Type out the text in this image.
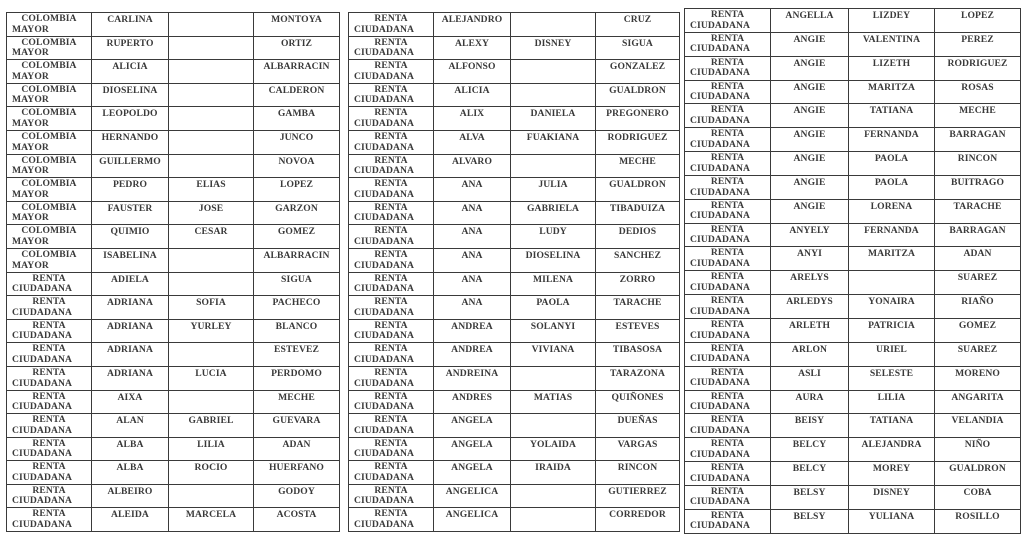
COLOMBIA
MAYOR	CARLINA		MONTOYA

COLOMBIA
MAYOR	RUPERTO		ORTIZ

COLOMBIA
MAYOR	ALICIA		ALBARRACIN

COLOMBIA
MAYOR	DIOSELINA		CALDERON

COLOMBIA
MAYOR	LEOPOLDO		GAMBA

COLOMBIA
MAYOR	HERNANDO		JUNCO

COLOMBIA
MAYOR	GUILLERMO		NOVOA

COLOMBIA
MAYOR	PEDRO	ELIAS	LOPEZ

COLOMBIA
MAYOR	FAUSTER	JOSE	GARZON

COLOMBIA
MAYOR	QUIMIO	CESAR	GOMEZ

COLOMBIA
MAYOR	ISABELINA		ALBARRACIN

RENTA
CIUDADANA	ADIELA		SIGUA

RENTA
CIUDADANA	ADRIANA	SOFIA	PACHECO

RENTA
CIUDADANA	ADRIANA	YURLEY	BLANCO

RENTA
CIUDADANA	ADRIANA		ESTEVEZ

RENTA
CIUDADANA	ADRIANA	LUCIA	PERDOMO

RENTA
CIUDADANA	AIXA		MECHE

RENTA
CIUDADANA	ALAN	GABRIEL	GUEVARA

RENTA
CIUDADANA	ALBA	LILIA	ADAN

RENTA
CIUDADANA	ALBA	ROCIO	HUERFANO

RENTA
CIUDADANA	ALBEIRO		GODOY

RENTA
CIUDADANA	ALEIDA	MARCELA	ACOSTA
RENTA
CIUDADANA	ALEJANDRO		CRUZ

RENTA
CIUDADANA	ALEXY	DISNEY	SIGUA

RENTA
CIUDADANA	ALFONSO		GONZALEZ

RENTA
CIUDADANA	ALICIA		GUALDRON

RENTA
CIUDADANA	ALIX	DANIELA	PREGONERO

RENTA
CIUDADANA	ALVA	FUAKIANA	RODRIGUEZ

RENTA
CIUDADANA	ALVARO		MECHE

RENTA
CIUDADANA	ANA	JULIA	GUALDRON

RENTA
CIUDADANA	ANA	GABRIELA	TIBADUIZA

RENTA
CIUDADANA	ANA	LUDY	DEDIOS

RENTA
CIUDADANA	ANA	DIOSELINA	SANCHEZ

RENTA
CIUDADANA	ANA	MILENA	ZORRO

RENTA
CIUDADANA	ANA	PAOLA	TARACHE

RENTA
CIUDADANA	ANDREA	SOLANYI	ESTEVES

RENTA
CIUDADANA	ANDREA	VIVIANA	TIBASOSA

RENTA
CIUDADANA	ANDREINA		TARAZONA

RENTA
CIUDADANA	ANDRES	MATIAS	QUIÑONES

RENTA
CIUDADANA	ANGELA		DUEÑAS

RENTA
CIUDADANA	ANGELA	YOLAIDA	VARGAS

RENTA
CIUDADANA	ANGELA	IRAIDA	RINCON

RENTA
CIUDADANA	ANGELICA		GUTIERREZ

RENTA
CIUDADANA	ANGELICA		CORREDOR
RENTA
CIUDADANA	ANGELLA	LIZDEY	LOPEZ

RENTA
CIUDADANA	ANGIE	VALENTINA	PEREZ

RENTA
CIUDADANA	ANGIE	LIZETH	RODRIGUEZ

RENTA
CIUDADANA	ANGIE	MARITZA	ROSAS

RENTA
CIUDADANA	ANGIE	TATIANA	MECHE

RENTA
CIUDADANA	ANGIE	FERNANDA	BARRAGAN

RENTA
CIUDADANA	ANGIE	PAOLA	RINCON

RENTA
CIUDADANA	ANGIE	PAOLA	BUITRAGO

RENTA
CIUDADANA	ANGIE	LORENA	TARACHE

RENTA
CIUDADANA	ANYELY	FERNANDA	BARRAGAN

RENTA
CIUDADANA	ANYI	MARITZA	ADAN

RENTA
CIUDADANA	ARELYS		SUAREZ

RENTA
CIUDADANA	ARLEDYS	YONAIRA	RIAÑO

RENTA
CIUDADANA	ARLETH	PATRICIA	GOMEZ

RENTA
CIUDADANA	ARLON	URIEL	SUAREZ

RENTA
CIUDADANA	ASLI	SELESTE	MORENO

RENTA
CIUDADANA	AURA	LILIA	ANGARITA

RENTA
CIUDADANA	BEISY	TATIANA	VELANDIA

RENTA
CIUDADANA	BELCY	ALEJANDRA	NIÑO

RENTA
CIUDADANA	BELCY	MOREY	GUALDRON

RENTA
CIUDADANA	BELSY	DISNEY	COBA

RENTA
CIUDADANA	BELSY	YULIANA	ROSILLO
